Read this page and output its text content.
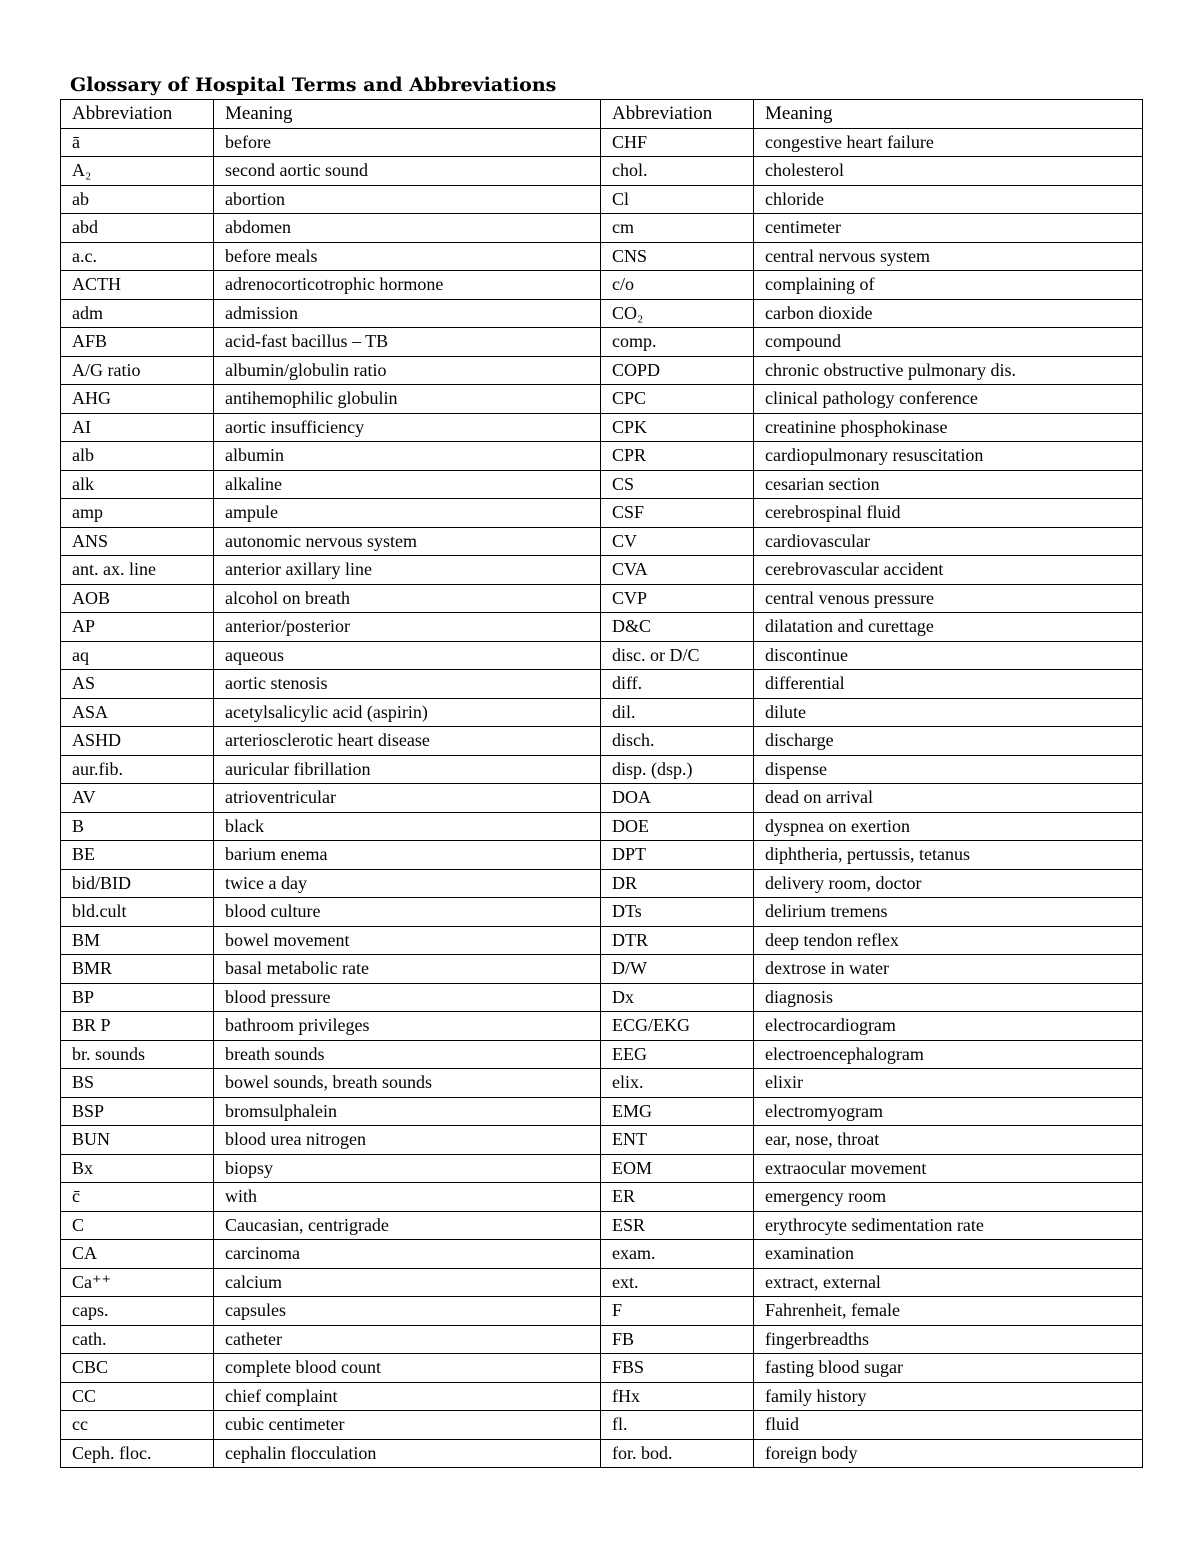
Glossary of Hospital Terms and Abbreviations
Abbreviation	Meaning	Abbreviation	Meaning
ā	before	CHF	congestive heart failure
A₂	second aortic sound	chol.	cholesterol
ab	abortion	Cl	chloride
abd	abdomen	cm	centimeter
a.c.	before meals	CNS	central nervous system
ACTH	adrenocorticotrophic hormone	c/o	complaining of
adm	admission	CO₂	carbon dioxide
AFB	acid-fast bacillus – TB	comp.	compound
A/G ratio	albumin/globulin ratio	COPD	chronic obstructive pulmonary dis.
AHG	antihemophilic globulin	CPC	clinical pathology conference
AI	aortic insufficiency	CPK	creatinine phosphokinase
alb	albumin	CPR	cardiopulmonary resuscitation
alk	alkaline	CS	cesarian section
amp	ampule	CSF	cerebrospinal fluid
ANS	autonomic nervous system	CV	cardiovascular
ant. ax. line	anterior axillary line	CVA	cerebrovascular accident
AOB	alcohol on breath	CVP	central venous pressure
AP	anterior/posterior	D&C	dilatation and curettage
aq	aqueous	disc. or D/C	discontinue
AS	aortic stenosis	diff.	differential
ASA	acetylsalicylic acid (aspirin)	dil.	dilute
ASHD	arteriosclerotic heart disease	disch.	discharge
aur.fib.	auricular fibrillation	disp. (dsp.)	dispense
AV	atrioventricular	DOA	dead on arrival
B	black	DOE	dyspnea on exertion
BE	barium enema	DPT	diphtheria, pertussis, tetanus
bid/BID	twice a day	DR	delivery room, doctor
bld.cult	blood culture	DTs	delirium tremens
BM	bowel movement	DTR	deep tendon reflex
BMR	basal metabolic rate	D/W	dextrose in water
BP	blood pressure	Dx	diagnosis
BR P	bathroom privileges	ECG/EKG	electrocardiogram
br. sounds	breath sounds	EEG	electroencephalogram
BS	bowel sounds, breath sounds	elix.	elixir
BSP	bromsulphalein	EMG	electromyogram
BUN	blood urea nitrogen	ENT	ear, nose, throat
Bx	biopsy	EOM	extraocular movement
c̄	with	ER	emergency room
C	Caucasian, centrigrade	ESR	erythrocyte sedimentation rate
CA	carcinoma	exam.	examination
Ca⁺⁺	calcium	ext.	extract, external
caps.	capsules	F	Fahrenheit, female
cath.	catheter	FB	fingerbreadths
CBC	complete blood count	FBS	fasting blood sugar
CC	chief complaint	fHx	family history
cc	cubic centimeter	fl.	fluid
Ceph. floc.	cephalin flocculation	for. bod.	foreign body
